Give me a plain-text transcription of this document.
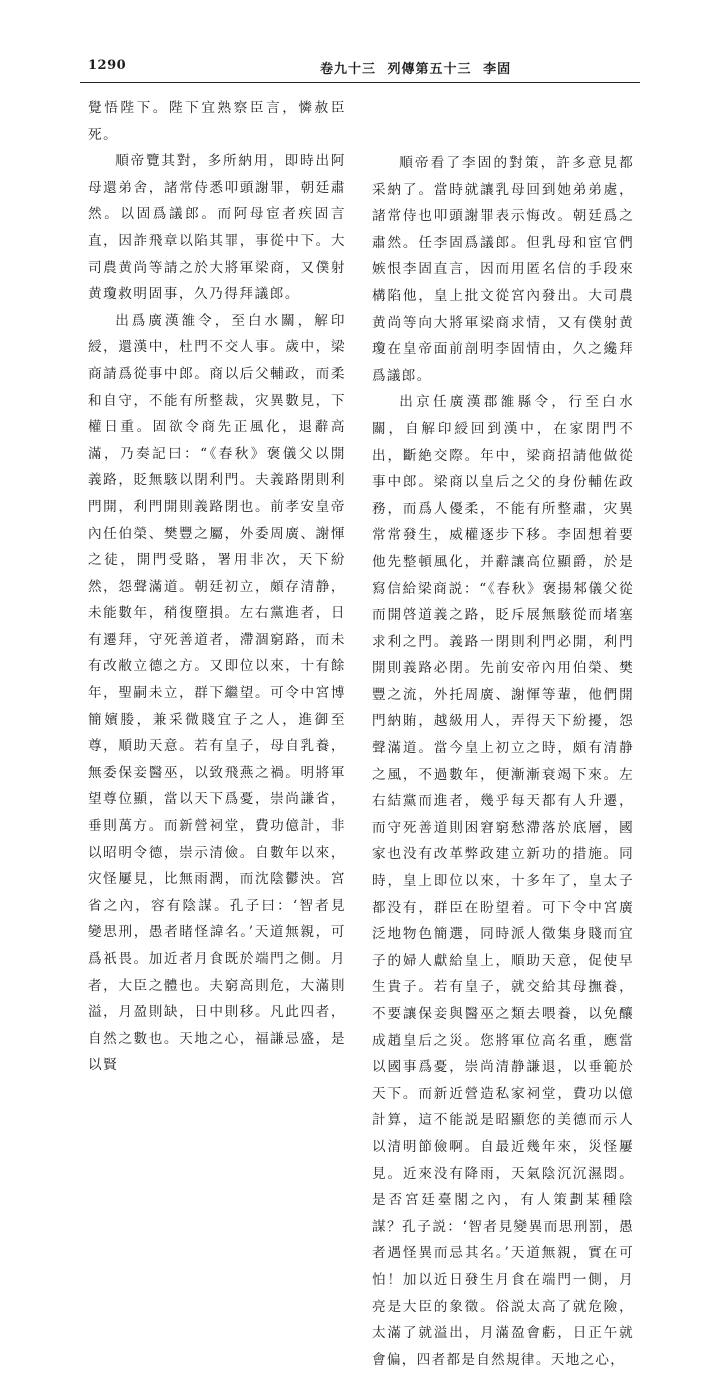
1290	卷九十三 列傳第五十三 李固

覺悟陛下。陛下宜熟察臣言，憐赦臣死。

順帝覽其對，多所納用，即時出阿母還弟舍，諸常侍悉叩頭謝罪，朝廷肅然。以固爲議郎。而阿母宦者疾固言直，因詐飛章以陷其罪，事從中下。大司農黄尚等請之於大將軍梁商，又僕射黄瓊救明固事，久乃得拜議郎。

出爲廣漢雒令，至白水關，解印綬，還漢中，杜門不交人事。歲中，梁商請爲從事中郎。商以后父輔政，而柔和自守，不能有所整裁，灾異數見，下權日重。固欲令商先正風化，退辭高滿，乃奏記曰：“《春秋》褒儀父以開義路，貶無駭以閉利門。夫義路閉則利門開，利門開則義路閉也。前孝安皇帝內任伯榮、樊豐之屬，外委周廣、謝惲之徒，開門受賂，署用非次，天下紛然，怨聲滿道。朝廷初立，頗存清静，未能數年，稍復墮損。左右黨進者，日有遷拜，守死善道者，滯涸窮路，而未有改敝立德之方。又即位以來，十有餘年，聖嗣未立，群下繼望。可令中宮博簡嬪媵，兼采微賤宜子之人，進御至尊，順助天意。若有皇子，母自乳養，無委保妾醫巫，以致飛燕之禍。明將軍望尊位顯，當以天下爲憂，崇尚謙省，垂則萬方。而新營祠堂，費功億計，非以昭明令德，崇示清儉。自數年以來，灾怪屢見，比無雨潤，而沈陰鬱泱。宮省之內，容有陰謀。孔子曰：‘智者見變思刑，愚者睹怪諱名。’天道無親，可爲祇畏。加近者月食既於端門之側。月者，大臣之體也。夫窮高則危，大滿則溢，月盈則缺，日中則移。凡此四者，自然之數也。天地之心，福謙忌盛，是以賢

順帝看了李固的對策，許多意見都采納了。當時就讓乳母回到她弟弟處，諸常侍也叩頭謝罪表示悔改。朝廷爲之肅然。任李固爲議郎。但乳母和宦官們嫉恨李固直言，因而用匿名信的手段來構陷他，皇上批文從宮內發出。大司農黄尚等向大將軍梁商求情，又有僕射黄瓊在皇帝面前剖明李固情由，久之纔拜爲議郎。

出京任廣漢郡雒縣令，行至白水關，自解印綬回到漢中，在家閉門不出，斷絶交際。年中，梁商招請他做從事中郎。梁商以皇后之父的身份輔佐政務，而爲人優柔，不能有所整肅，灾異常常發生，威權逐步下移。李固想着要他先整頓風化，并辭讓高位顯爵，於是寫信給梁商説：“《春秋》褒揚邾儀父從而開啓道義之路，貶斥展無駭從而堵塞求利之門。義路一閉則利門必開，利門開則義路必閉。先前安帝內用伯榮、樊豐之流，外托周廣、謝惲等輩，他們開門納賄，越級用人，弄得天下紛擾，怨聲滿道。當今皇上初立之時，頗有清静之風，不過數年，便漸漸衰竭下來。左右結黨而進者，幾乎每天都有人升遷，而守死善道則困窘窮愁滯落於底層，國家也没有改革弊政建立新功的措施。同時，皇上即位以來，十多年了，皇太子都没有，群臣在盼望着。可下令中宮廣泛地物色簡選，同時派人徵集身賤而宜子的婦人獻給皇上，順助天意，促使早生貴子。若有皇子，就交給其母撫養，不要讓保妾與醫巫之類去喂養，以免釀成趙皇后之災。您將軍位高名重，應當以國事爲憂，崇尚清静謙退，以垂範於天下。而新近營造私家祠堂，費功以億計算，這不能説是昭顯您的美德而示人以清明節儉啊。自最近幾年來，災怪屢見。近來没有降雨，天氣陰沉沉濕悶。是否宮廷臺閣之內，有人策劃某種陰謀？孔子説：‘智者見變異而思刑罰，愚者遇怪異而忌其名。’天道無親，實在可怕！加以近日發生月食在端門一側，月亮是大臣的象徵。俗説太高了就危險，太滿了就溢出，月滿盈會虧，日正午就會偏，四者都是自然規律。天地之心，
